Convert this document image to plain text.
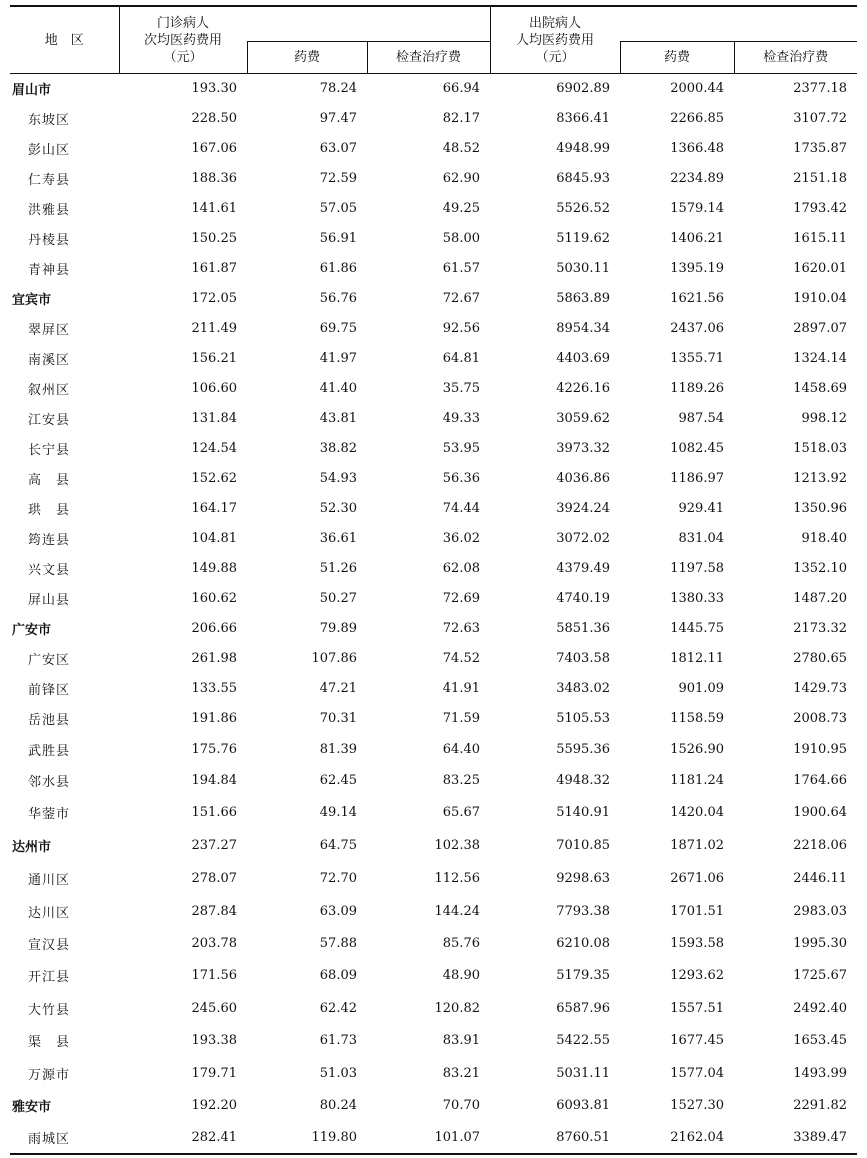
地　区	门诊病人
次均医药费用
（元）			出院病人
人均医药费用
（元）		

		药费	检查治疗费		药费	检查治疗费
眉山市	193.30	78.24	66.94	6902.89	2000.44	2377.18
东坡区	228.50	97.47	82.17	8366.41	2266.85	3107.72
彭山区	167.06	63.07	48.52	4948.99	1366.48	1735.87
仁寿县	188.36	72.59	62.90	6845.93	2234.89	2151.18
洪雅县	141.61	57.05	49.25	5526.52	1579.14	1793.42
丹棱县	150.25	56.91	58.00	5119.62	1406.21	1615.11
青神县	161.87	61.86	61.57	5030.11	1395.19	1620.01
宜宾市	172.05	56.76	72.67	5863.89	1621.56	1910.04
翠屏区	211.49	69.75	92.56	8954.34	2437.06	2897.07
南溪区	156.21	41.97	64.81	4403.69	1355.71	1324.14
叙州区	106.60	41.40	35.75	4226.16	1189.26	1458.69
江安县	131.84	43.81	49.33	3059.62	987.54	998.12
长宁县	124.54	38.82	53.95	3973.32	1082.45	1518.03
高　县	152.62	54.93	56.36	4036.86	1186.97	1213.92
珙　县	164.17	52.30	74.44	3924.24	929.41	1350.96
筠连县	104.81	36.61	36.02	3072.02	831.04	918.40
兴文县	149.88	51.26	62.08	4379.49	1197.58	1352.10
屏山县	160.62	50.27	72.69	4740.19	1380.33	1487.20
广安市	206.66	79.89	72.63	5851.36	1445.75	2173.32
广安区	261.98	107.86	74.52	7403.58	1812.11	2780.65
前锋区	133.55	47.21	41.91	3483.02	901.09	1429.73
岳池县	191.86	70.31	71.59	5105.53	1158.59	2008.73
武胜县	175.76	81.39	64.40	5595.36	1526.90	1910.95
邻水县	194.84	62.45	83.25	4948.32	1181.24	1764.66
华蓥市	151.66	49.14	65.67	5140.91	1420.04	1900.64
达州市	237.27	64.75	102.38	7010.85	1871.02	2218.06
通川区	278.07	72.70	112.56	9298.63	2671.06	2446.11
达川区	287.84	63.09	144.24	7793.38	1701.51	2983.03
宣汉县	203.78	57.88	85.76	6210.08	1593.58	1995.30
开江县	171.56	68.09	48.90	5179.35	1293.62	1725.67
大竹县	245.60	62.42	120.82	6587.96	1557.51	2492.40
渠　县	193.38	61.73	83.91	5422.55	1677.45	1653.45
万源市	179.71	51.03	83.21	5031.11	1577.04	1493.99
雅安市	192.20	80.24	70.70	6093.81	1527.30	2291.82
雨城区	282.41	119.80	101.07	8760.51	2162.04	3389.47
